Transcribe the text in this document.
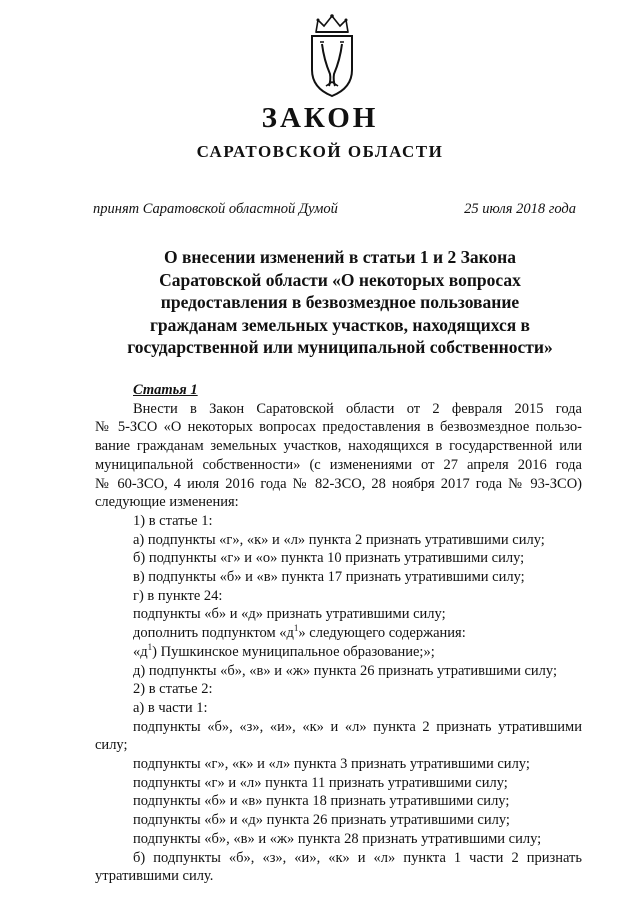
ЗАКОН
САРАТОВСКОЙ ОБЛАСТИ
принят Саратовской областной Думой	25 июля 2018 года
О внесении изменений в статьи 1 и 2 Закона
Саратовской области «О некоторых вопросах
предоставления в безвозмездное пользование
гражданам земельных участков, находящихся в
государственной или муниципальной собственности»
Статья 1
Внести в Закон Саратовской области от 2 февраля 2015 года
№ 5-ЗСО «О некоторых вопросах предоставления в безвозмездное пользо-
вание гражданам земельных участков, находящихся в государственной или
муниципальной собственности» (с изменениями от 27 апреля 2016 года
№ 60-ЗСО, 4 июля 2016 года № 82-ЗСО, 28 ноября 2017 года № 93-ЗСО)
следующие изменения:
1) в статье 1:
а) подпункты «г», «к» и «л» пункта 2 признать утратившими силу;
б) подпункты «г» и «о» пункта 10 признать утратившими силу;
в) подпункты «б» и «в» пункта 17 признать утратившими силу;
г) в пункте 24:
подпункты «б» и «д» признать утратившими силу;
дополнить подпунктом «$д^1$» следующего содержания:
«$д^1$) Пушкинское муниципальное образование;»;
д) подпункты «б», «в» и «ж» пункта 26 признать утратившими силу;
2) в статье 2:
а) в части 1:
подпункты «б», «з», «и», «к» и «л» пункта 2 признать утратившими
силу;
подпункты «г», «к» и «л» пункта 3 признать утратившими силу;
подпункты «г» и «л» пункта 11 признать утратившими силу;
подпункты «б» и «в» пункта 18 признать утратившими силу;
подпункты «б» и «д» пункта 26 признать утратившими силу;
подпункты «б», «в» и «ж» пункта 28 признать утратившими силу;
б) подпункты «б», «з», «и», «к» и «л» пункта 1 части 2 признать
утратившими силу.
